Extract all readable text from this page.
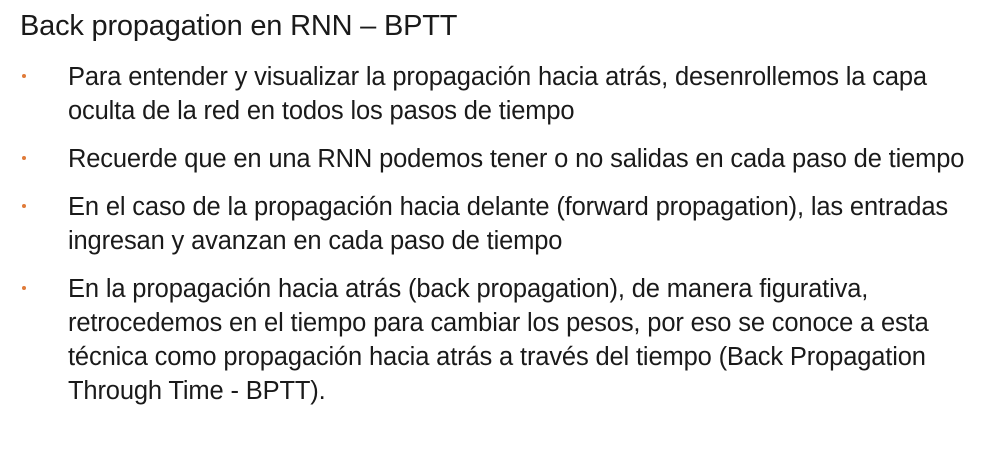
Back propagation en RNN – BPTT
Para entender y visualizar la propagación hacia atrás, desenrollemos la capa oculta de la red en todos los pasos de tiempo
Recuerde que en una RNN podemos tener o no salidas en cada paso de tiempo
En el caso de la propagación hacia delante (forward propagation), las entradas ingresan y avanzan en cada paso de tiempo
En la propagación hacia atrás (back propagation), de manera figurativa, retrocedemos en el tiempo para cambiar los pesos, por eso se conoce a esta técnica como propagación hacia atrás a través del tiempo (Back Propagation Through Time - BPTT).
